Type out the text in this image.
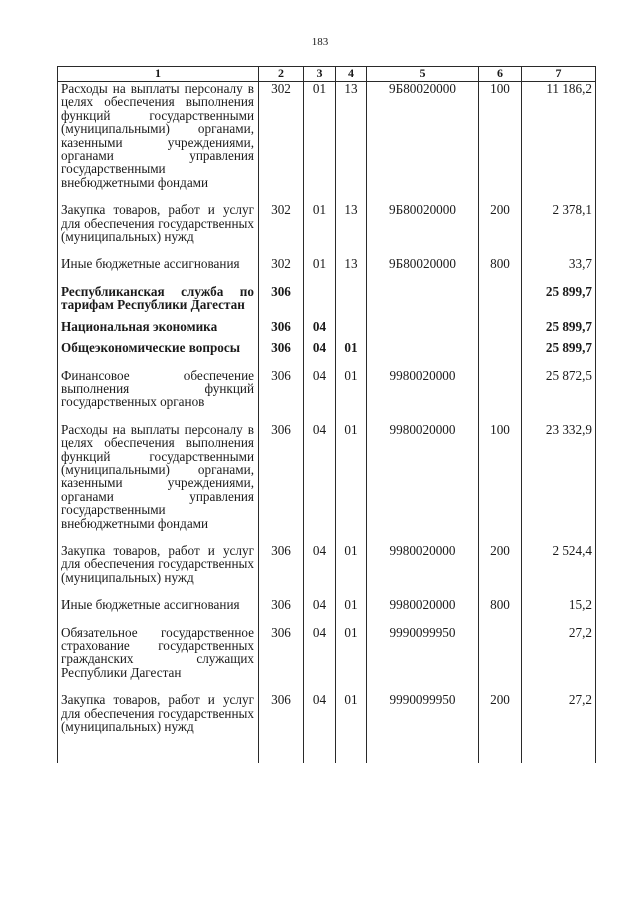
183
1	2	3	4	5	6	7
Расходы на выплаты персоналу в целях обеспечения выполнения функций государственными (муниципальными) органами, казенными учреждениями, органами управления государственными внебюджетными фондами	302	01	13	9Б80020000	100	11 186,2
Закупка товаров, работ и услуг для обеспечения государственных (муниципальных) нужд	302	01	13	9Б80020000	200	2 378,1
Иные бюджетные ассигнования	302	01	13	9Б80020000	800	33,7
Республиканская служба по тарифам Республики Дагестан	306					25 899,7
Национальная экономика	306	04				25 899,7
Общеэкономические вопросы	306	04	01			25 899,7
Финансовое обеспечение выполнения функций государственных органов	306	04	01	9980020000		25 872,5
Расходы на выплаты персоналу в целях обеспечения выполнения функций государственными (муниципальными) органами, казенными учреждениями, органами управления государственными внебюджетными фондами	306	04	01	9980020000	100	23 332,9
Закупка товаров, работ и услуг для обеспечения государственных (муниципальных) нужд	306	04	01	9980020000	200	2 524,4
Иные бюджетные ассигнования	306	04	01	9980020000	800	15,2
Обязательное государственное страхование государственных гражданских служащих Республики Дагестан	306	04	01	9990099950		27,2
Закупка товаров, работ и услуг для обеспечения государственных (муниципальных) нужд	306	04	01	9990099950	200	27,2
